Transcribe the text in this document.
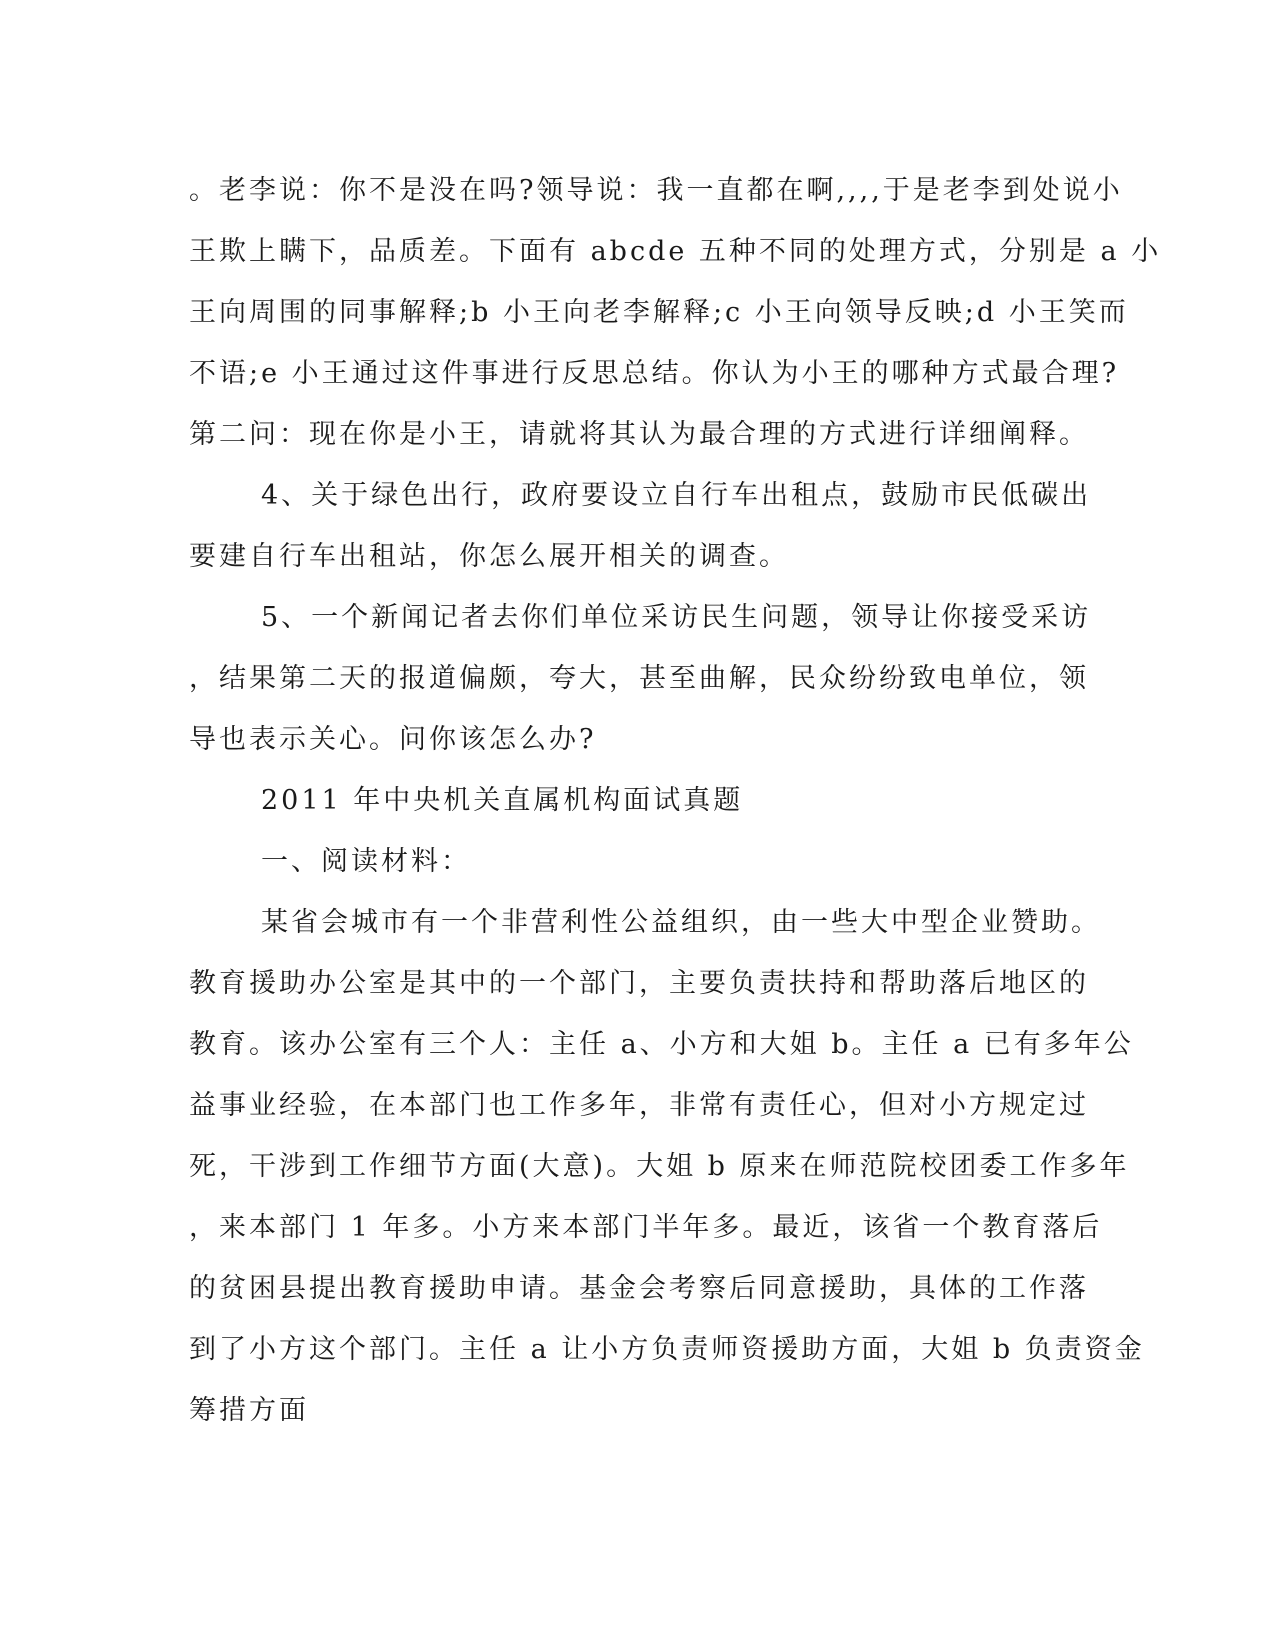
。老李说：你不是没在吗?领导说：我一直都在啊,,,,于是老李到处说小
王欺上瞒下，品质差。下面有 abcde 五种不同的处理方式，分别是 a 小
王向周围的同事解释;b 小王向老李解释;c 小王向领导反映;d 小王笑而
不语;e 小王通过这件事进行反思总结。你认为小王的哪种方式最合理?
第二问：现在你是小王，请就将其认为最合理的方式进行详细阐释。
4、关于绿色出行，政府要设立自行车出租点，鼓励市民低碳出
要建自行车出租站，你怎么展开相关的调查。
5、一个新闻记者去你们单位采访民生问题，领导让你接受采访
，结果第二天的报道偏颇，夸大，甚至曲解，民众纷纷致电单位，领
导也表示关心。问你该怎么办?
2011 年中央机关直属机构面试真题
一、阅读材料：
某省会城市有一个非营利性公益组织，由一些大中型企业赞助。
教育援助办公室是其中的一个部门，主要负责扶持和帮助落后地区的
教育。该办公室有三个人：主任 a、小方和大姐 b。主任 a 已有多年公
益事业经验，在本部门也工作多年，非常有责任心，但对小方规定过
死，干涉到工作细节方面(大意)。大姐 b 原来在师范院校团委工作多年
，来本部门 1 年多。小方来本部门半年多。最近，该省一个教育落后
的贫困县提出教育援助申请。基金会考察后同意援助，具体的工作落
到了小方这个部门。主任 a 让小方负责师资援助方面，大姐 b 负责资金
筹措方面
